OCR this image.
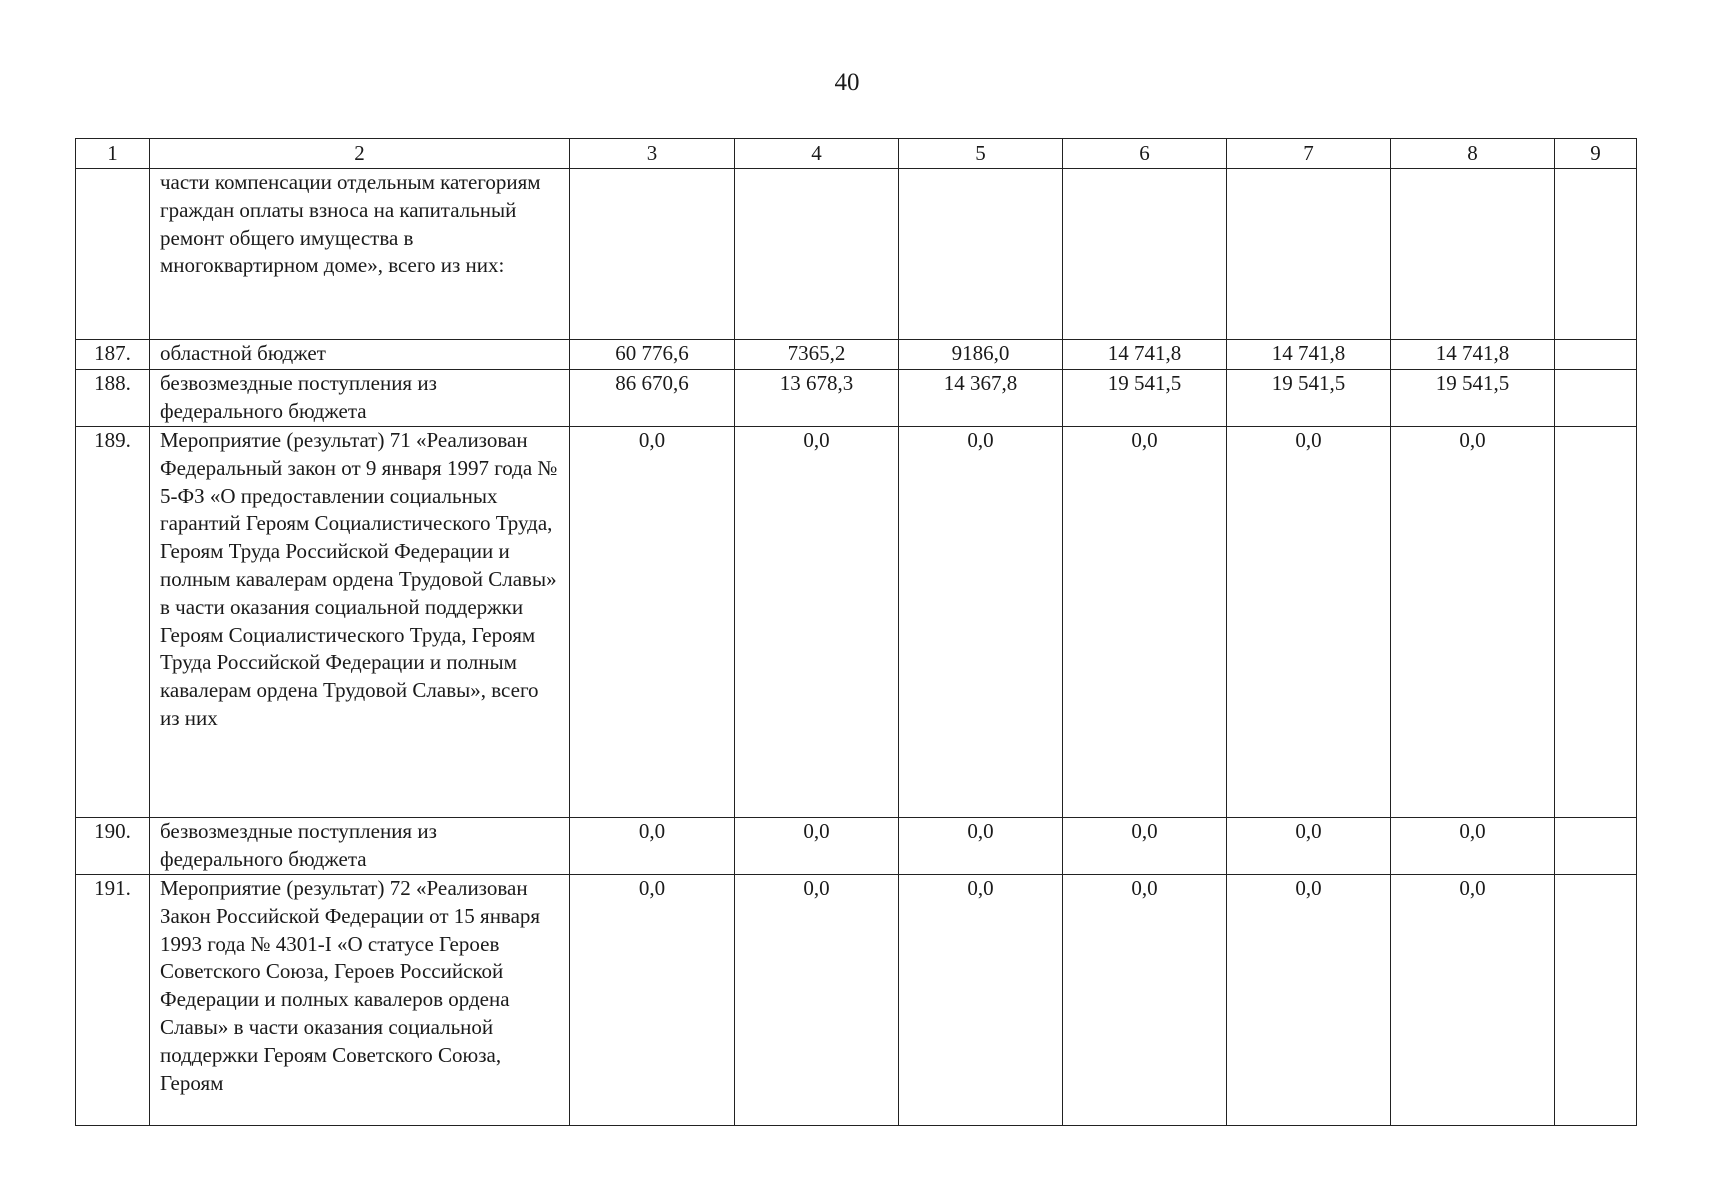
40
1	2	3	4	5	6	7	8	9
	части компенсации отдельным категориям граждан оплаты взноса на капитальный ремонт общего имущества в многоквартирном доме», всего из них:							
187.	областной бюджет	60 776,6	7365,2	9186,0	14 741,8	14 741,8	14 741,8	
188.	безвозмездные поступления из федерального бюджета	86 670,6	13 678,3	14 367,8	19 541,5	19 541,5	19 541,5	
189.	Мероприятие (результат) 71 «Реализован Федеральный закон от 9 января 1997 года № 5-ФЗ «О предоставлении социальных гарантий Героям Социалистического Труда, Героям Труда Российской Федерации и полным кавалерам ордена Трудовой Славы» в части оказания социальной поддержки Героям Социалистического Труда, Героям Труда Российской Федерации и полным кавалерам ордена Трудовой Славы», всего из них	0,0	0,0	0,0	0,0	0,0	0,0	
190.	безвозмездные поступления из федерального бюджета	0,0	0,0	0,0	0,0	0,0	0,0	
191.	Мероприятие (результат) 72 «Реализован Закон Российской Федерации от 15 января 1993 года № 4301-I «О статусе Героев Советского Союза, Героев Российской Федерации и полных кавалеров ордена Славы» в части оказания социальной поддержки Героям Советского Союза, Героям	0,0	0,0	0,0	0,0	0,0	0,0	
